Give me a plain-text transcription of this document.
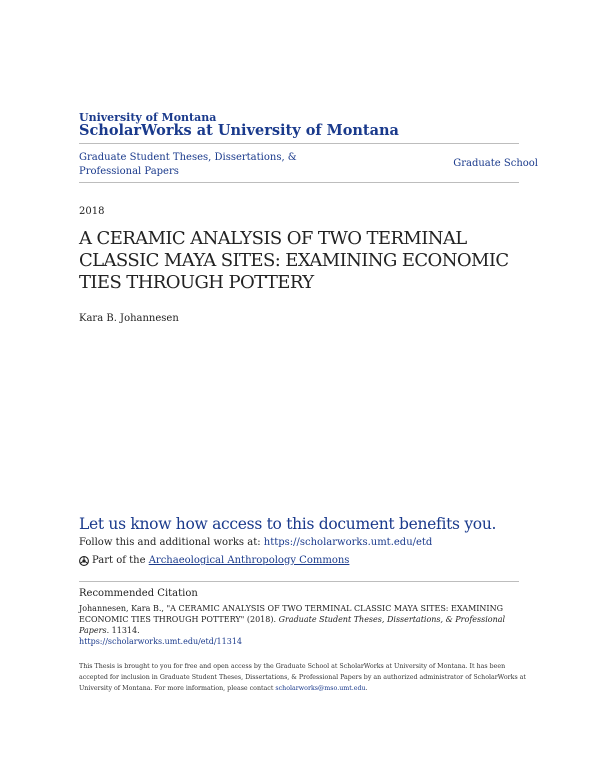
University of Montana
ScholarWorks at University of Montana
Graduate Student Theses, Dissertations, & Professional Papers
Graduate School
2018
A CERAMIC ANALYSIS OF TWO TERMINAL CLASSIC MAYA SITES: EXAMINING ECONOMIC TIES THROUGH POTTERY
Kara B. Johannesen
Let us know how access to this document benefits you.
Follow this and additional works at: https://scholarworks.umt.edu/etd
Part of the
Archaeological Anthropology Commons
Recommended Citation
Johannesen, Kara B., "A CERAMIC ANALYSIS OF TWO TERMINAL CLASSIC MAYA SITES: EXAMINING ECONOMIC TIES THROUGH POTTERY" (2018). Graduate Student Theses, Dissertations, & Professional Papers. 11314.
https://scholarworks.umt.edu/etd/11314
This Thesis is brought to you for free and open access by the Graduate School at ScholarWorks at University of Montana. It has been accepted for inclusion in Graduate Student Theses, Dissertations, & Professional Papers by an authorized administrator of ScholarWorks at University of Montana. For more information, please contact scholarworks@mso.umt.edu.
